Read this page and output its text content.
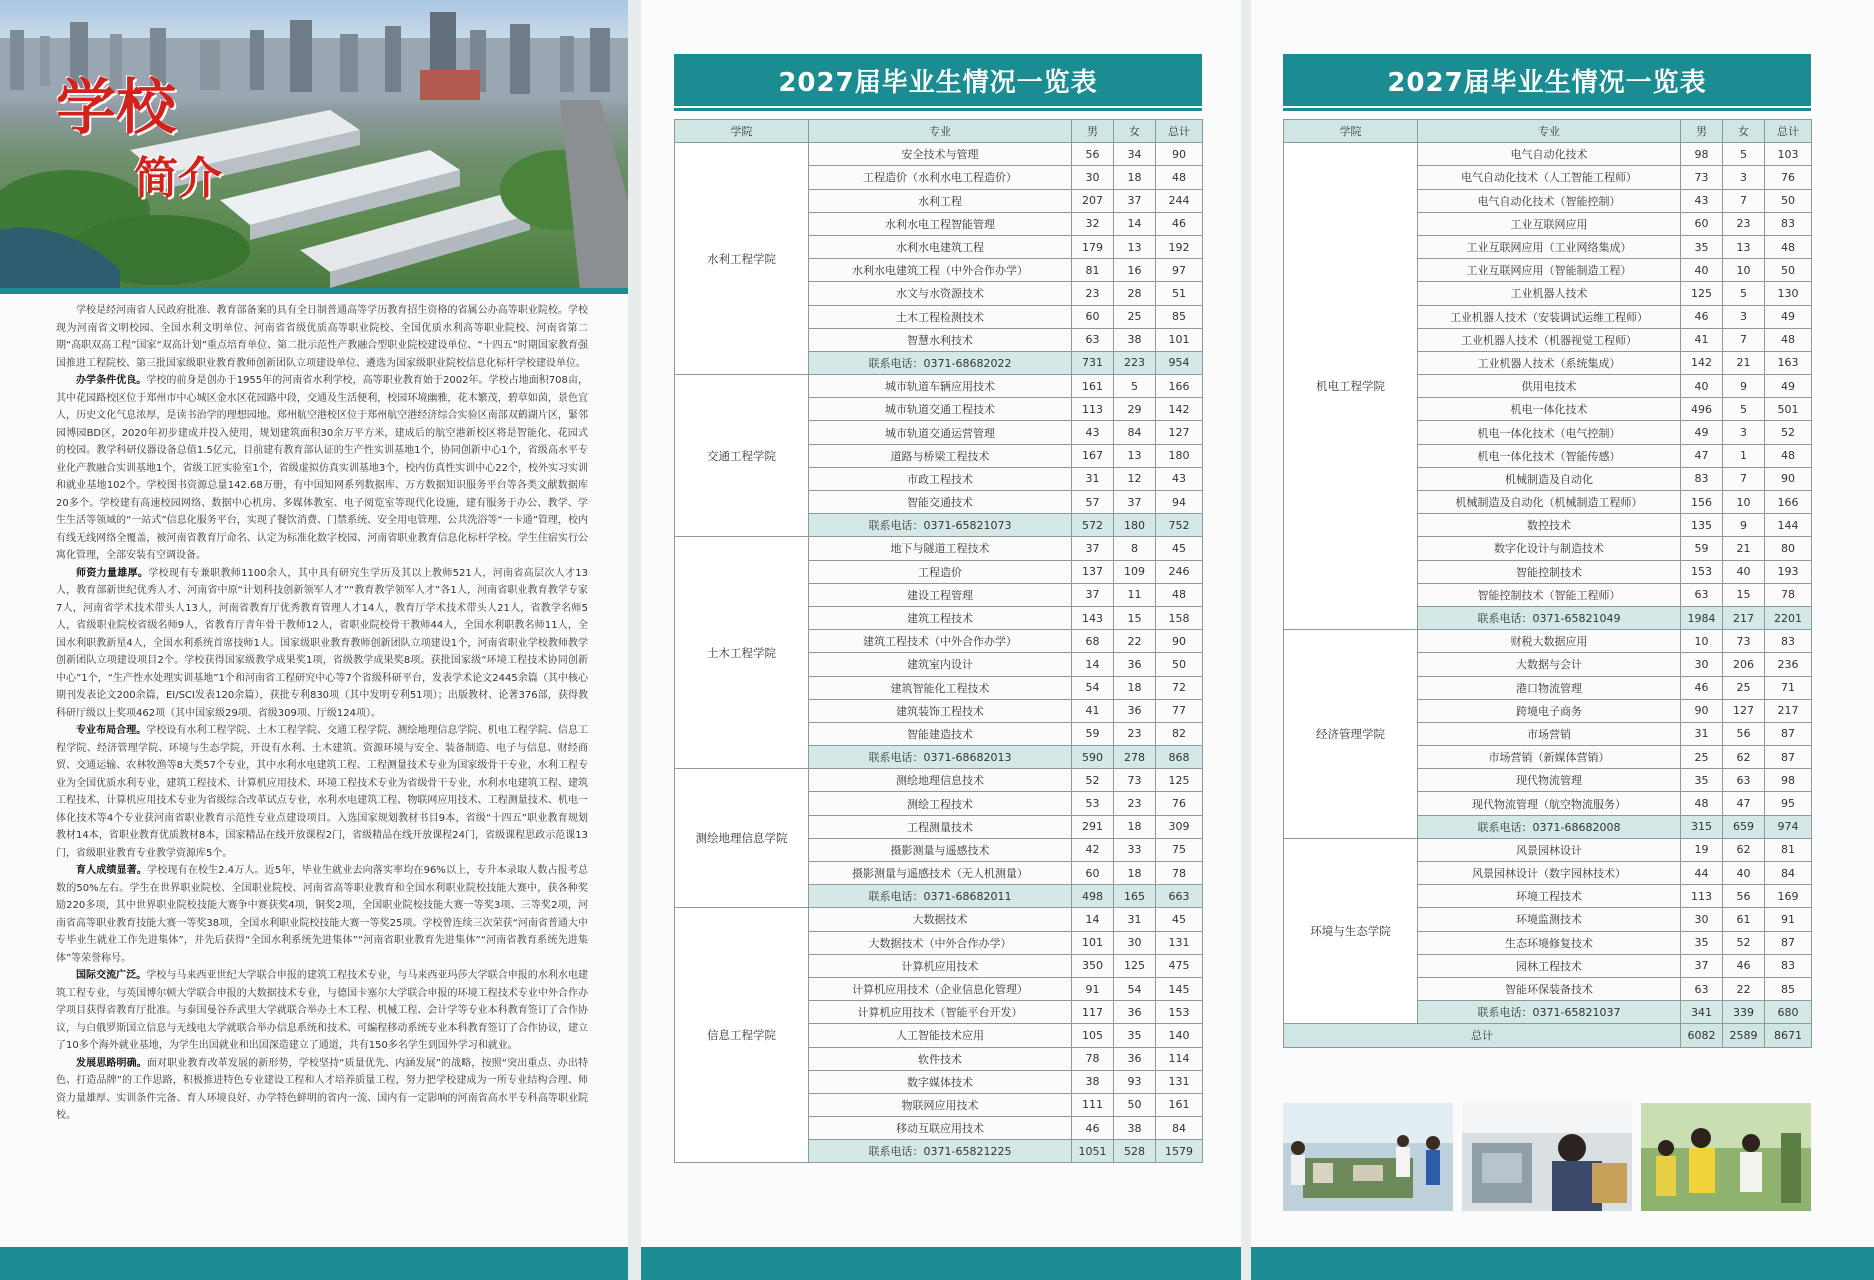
学校
简介

学校是经河南省人民政府批准、教育部备案的具有全日制普通高等学历教育招生资格的省属公办高等职业院校。学校现为河南省文明校园、全国水利文明单位、河南省省级优质高等职业院校、全国优质水利高等职业院校、河南省第二期“高职双高工程”国家“双高计划”重点培育单位、第二批示范性产教融合型职业院校建设单位、“十四五”时期国家教育强国推进工程院校、第三批国家级职业教育教师创新团队立项建设单位、遴选为国家级职业院校信息化标杆学校建设单位。

办学条件优良。学校的前身是创办于1955年的河南省水利学校，高等职业教育始于2002年。学校占地面积708亩，其中花园路校区位于郑州市中心城区金水区花园路中段，交通及生活便利，校园环境幽雅，花木繁茂，碧草如茵，景色宜人，历史文化气息浓厚，是读书治学的理想园地。郑州航空港校区位于郑州航空港经济综合实验区南部双鹤湖片区，緊邻园博园BD区，2020年初步建成并投入使用，规划建筑面积30余万平方米，建成后的航空港新校区将是智能化、花园式的校园。教学科研仪器设备总值1.5亿元，目前建有教育部认证的生产性实训基地1个，协同创新中心1个，省级高水平专业化产教融合实训基地1个，省级工匠实验室1个，省级虚拟仿真实训基地3个，校内仿真性实训中心22个，校外实习实训和就业基地102个。学校图书资源总量142.68万册，有中国知网系列数据库、万方数据知识服务平台等各类文献数据库20多个。学校建有高速校园网络、数据中心机房、多媒体教室、电子阅览室等现代化设施，建有服务于办公、教学、学生生活等领域的“一站式”信息化服务平台，实现了餐饮消费、门禁系统、安全用电管理、公共洗浴等“一卡通”管理，校内有线无线网络全覆盖，被河南省教育厅命名、认定为标准化数字校园、河南省职业教育信息化标杆学校。学生住宿实行公寓化管理，全部安装有空调设备。

师资力量雄厚。学校现有专兼职教师1100余人，其中具有研究生学历及其以上教师521人，河南省高层次人才13人，教育部新世纪优秀人才、河南省中原“计划科技创新领军人才”“教育教学领军人才”各1人，河南省职业教育教学专家7人，河南省学术技术带头人13人，河南省教育厅优秀教育管理人才14人，教育厅学术技术带头人21人，省教学名师5人，省级职业院校省级名师9人，省教育厅青年骨干教师12人，省职业院校骨干教师44人，全国水利职教名师11人，全国水利职教新星4人，全国水利系统首席技师1人。国家级职业教育教师创新团队立项建设1个，河南省职业学校教师教学创新团队立项建设项目2个。学校获得国家级教学成果奖1项，省级教学成果奖8项。获批国家级“环境工程技术协同创新中心”1个，“生产性水处理实训基地”1个和河南省工程研究中心等7个省级科研平台，发表学术论文2445余篇（其中核心期刊发表论文200余篇，EI/SCI发表120余篇），获批专利830项（其中发明专利51项）；出版教材、论著376部，获得教科研厅级以上奖项462项（其中国家级29项、省级309项、厅级124项）。

专业布局合理。学校设有水利工程学院、土木工程学院、交通工程学院、测绘地理信息学院、机电工程学院、信息工程学院、经济管理学院、环境与生态学院，开设有水利、土木建筑、资源环境与安全、装备制造、电子与信息、财经商贸、交通运输、农林牧渔等8大类57个专业，其中水利水电建筑工程、工程测量技术专业为国家级骨干专业，水利工程专业为全国优质水利专业，建筑工程技术、计算机应用技术、环境工程技术专业为省级骨干专业，水利水电建筑工程、建筑工程技术、计算机应用技术专业为省级综合改革试点专业，水利水电建筑工程、物联网应用技术、工程测量技术、机电一体化技术等4个专业获河南省职业教育示范性专业点建设项目。入选国家规划教材书目9本，省级“十四五”职业教育规划教材14本，省职业教育优质教材8本，国家精品在线开放课程2门，省级精品在线开放课程24门，省级课程思政示范课13门，省级职业教育专业教学资源库5个。

育人成绩显著。学校现有在校生2.4万人。近5年，毕业生就业去向落实率均在96%以上，专升本录取人数占报考总数的50%左右。学生在世界职业院校、全国职业院校、河南省高等职业教育和全国水利职业院校技能大赛中，获各种奖励220多项，其中世界职业院校技能大赛争中赛获奖4项，铜奖2项，全国职业院校技能大赛一等奖3项、三等奖2项，河南省高等职业教育技能大赛一等奖38项，全国水利职业院校技能大赛一等奖25项。学校曾连续三次荣获“河南省普通大中专毕业生就业工作先进集体”，并先后获得“全国水利系统先进集体”“河南省职业教育先进集体”“河南省教育系统先进集体”等荣誉称号。

国际交流广泛。学校与马来西亚世纪大学联合申报的建筑工程技术专业，与马来西亚玛莎大学联合申报的水利水电建筑工程专业，与英国博尔顿大学联合申报的大数据技术专业，与德国卡塞尔大学联合申报的环境工程技术专业中外合作办学项目获得省教育厅批准。与泰国曼谷乔武里大学就联合举办土木工程、机械工程、会计学等专业本科教育签订了合作协议，与白俄罗斯国立信息与无线电大学就联合举办信息系统和技术、可编程移动系统专业本科教育签订了合作协议，建立了10多个海外就业基地，为学生出国就业和出国深造建立了通道，共有150多名学生到国外学习和就业。

发展思路明确。面对职业教育改革发展的新形势，学校坚持“质量优先、内涵发展”的战略，按照“突出重点、办出特色、打造品牌”的工作思路，积极推进特色专业建设工程和人才培养质量工程，努力把学校建成为一所专业结构合理、师资力量雄厚、实训条件完备、育人环境良好、办学特色鲜明的省内一流、国内有一定影响的河南省高水平专科高等职业院校。

2027届毕业生情况一览表
学院	专业	男	女	总计
水利工程学院	安全技术与管理	56	34	90
	工程造价（水利水电工程造价）	30	18	48
	水利工程	207	37	244
	水利水电工程智能管理	32	14	46
	水利水电建筑工程	179	13	192
	水利水电建筑工程（中外合作办学）	81	16	97
	水文与水资源技术	23	28	51
	土木工程检测技术	60	25	85
	智慧水利技术	63	38	101
	联系电话：0371-68682022	731	223	954
交通工程学院	城市轨道车辆应用技术	161	5	166
	城市轨道交通工程技术	113	29	142
	城市轨道交通运营管理	43	84	127
	道路与桥梁工程技术	167	13	180
	市政工程技术	31	12	43
	智能交通技术	57	37	94
	联系电话：0371-65821073	572	180	752
土木工程学院	地下与隧道工程技术	37	8	45
	工程造价	137	109	246
	建设工程管理	37	11	48
	建筑工程技术	143	15	158
	建筑工程技术（中外合作办学）	68	22	90
	建筑室内设计	14	36	50
	建筑智能化工程技术	54	18	72
	建筑装饰工程技术	41	36	77
	智能建造技术	59	23	82
	联系电话：0371-68682013	590	278	868
测绘地理信息学院	测绘地理信息技术	52	73	125
	测绘工程技术	53	23	76
	工程测量技术	291	18	309
	摄影测量与遥感技术	42	33	75
	摄影测量与遥感技术（无人机测量）	60	18	78
	联系电话：0371-68682011	498	165	663
信息工程学院	大数据技术	14	31	45
	大数据技术（中外合作办学）	101	30	131
	计算机应用技术	350	125	475
	计算机应用技术（企业信息化管理）	91	54	145
	计算机应用技术（智能平台开发）	117	36	153
	人工智能技术应用	105	35	140
	软件技术	78	36	114
	数字媒体技术	38	93	131
	物联网应用技术	111	50	161
	移动互联应用技术	46	38	84
	联系电话：0371-65821225	1051	528	1579
2027届毕业生情况一览表
学院	专业	男	女	总计
机电工程学院	电气自动化技术	98	5	103
	电气自动化技术（人工智能工程师）	73	3	76
	电气自动化技术（智能控制）	43	7	50
	工业互联网应用	60	23	83
	工业互联网应用（工业网络集成）	35	13	48
	工业互联网应用（智能制造工程）	40	10	50
	工业机器人技术	125	5	130
	工业机器人技术（安装调试运维工程师）	46	3	49
	工业机器人技术（机器视觉工程师）	41	7	48
	工业机器人技术（系统集成）	142	21	163
	供用电技术	40	9	49
	机电一体化技术	496	5	501
	机电一体化技术（电气控制）	49	3	52
	机电一体化技术（智能传感）	47	1	48
	机械制造及自动化	83	7	90
	机械制造及自动化（机械制造工程师）	156	10	166
	数控技术	135	9	144
	数字化设计与制造技术	59	21	80
	智能控制技术	153	40	193
	智能控制技术（智能工程师）	63	15	78
	联系电话：0371-65821049	1984	217	2201
经济管理学院	财税大数据应用	10	73	83
	大数据与会计	30	206	236
	港口物流管理	46	25	71
	跨境电子商务	90	127	217
	市场营销	31	56	87
	市场营销（新媒体营销）	25	62	87
	现代物流管理	35	63	98
	现代物流管理（航空物流服务）	48	47	95
	联系电话：0371-68682008	315	659	974
环境与生态学院	风景园林设计	19	62	81
	风景园林设计（数字园林技术）	44	40	84
	环境工程技术	113	56	169
	环境监测技术	30	61	91
	生态环境修复技术	35	52	87
	园林工程技术	37	46	83
	智能环保装备技术	63	22	85
	联系电话：0371-65821037	341	339	680
总计		6082	2589	8671
